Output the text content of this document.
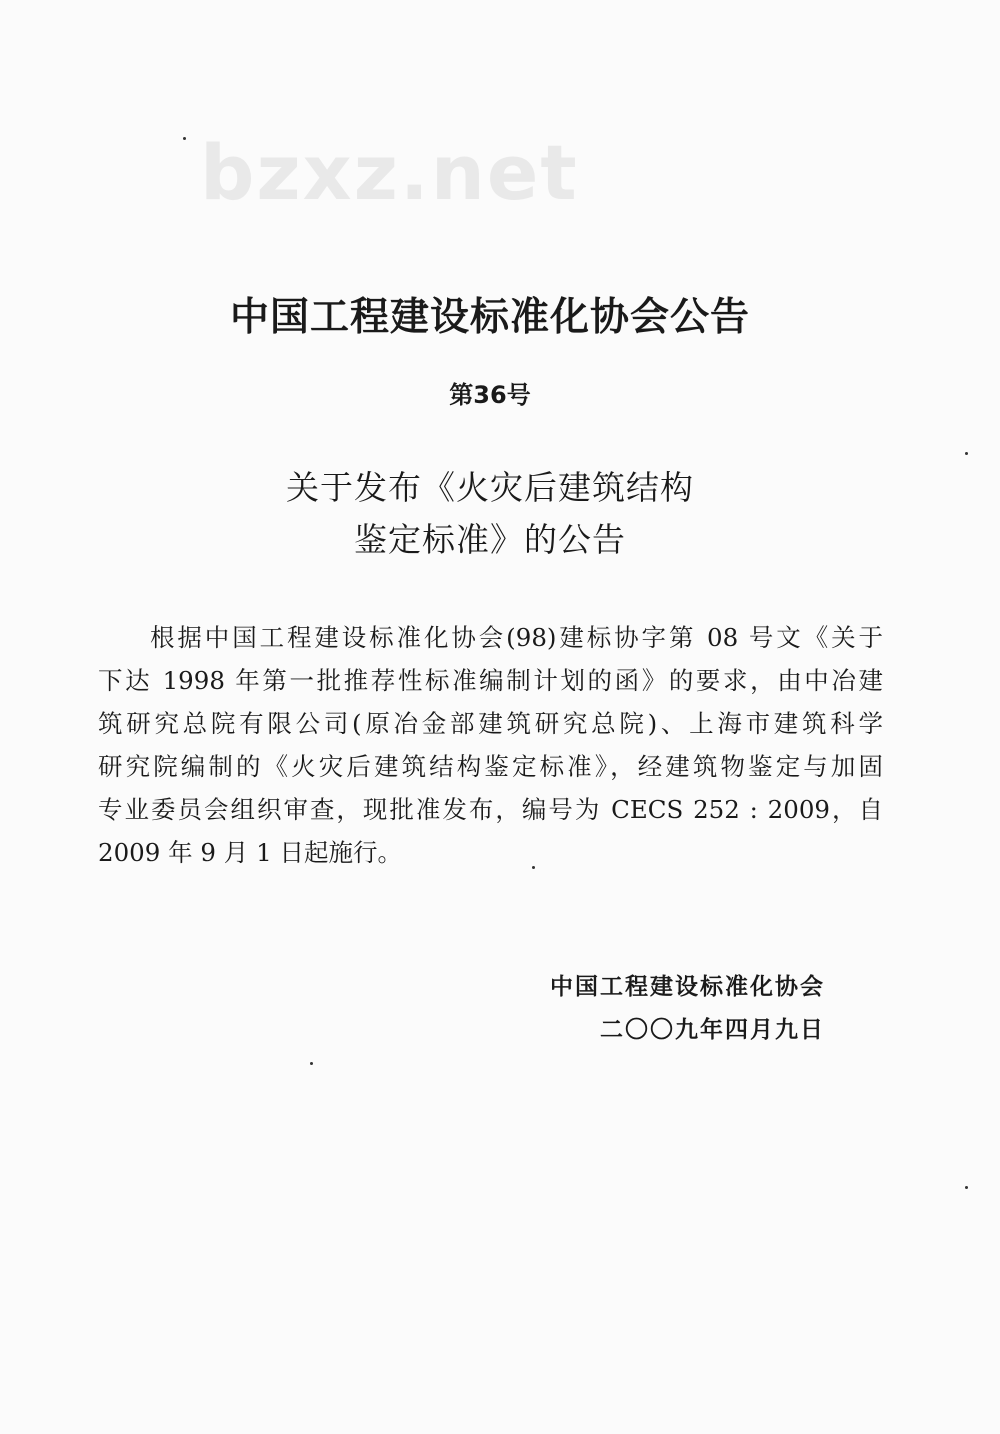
bzxz.net
中国工程建设标准化协会公告
第36号
关于发布《火灾后建筑结构
鉴定标准》的公告
根据中国工程建设标准化协会(98)建标协字第 08 号文《关于
下达 1998 年第一批推荐性标准编制计划的函》的要求，由中冶建
筑研究总院有限公司(原冶金部建筑研究总院)、上海市建筑科学
研究院编制的《火灾后建筑结构鉴定标准》，经建筑物鉴定与加固
专业委员会组织审查，现批准发布，编号为 CECS 252 : 2009，自
2009 年 9 月 1 日起施行。
中国工程建设标准化协会
二〇〇九年四月九日
